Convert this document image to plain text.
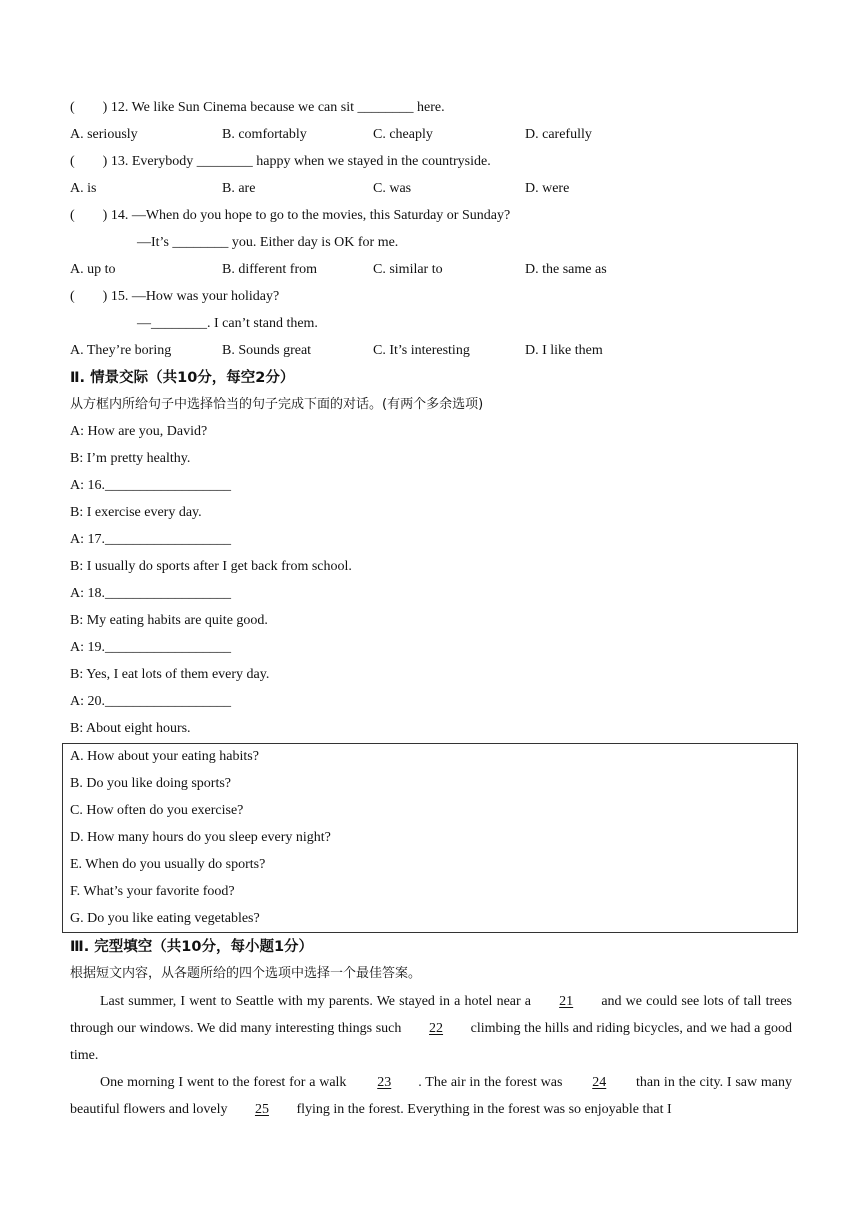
(        ) 12. We like Sun Cinema because we can sit ________ here.
A. seriously	B. comfortably	C. cheaply	D. carefully
(        ) 13. Everybody ________ happy when we stayed in the countryside.
A. is	B. are	C. was	D. were
(        ) 14. —When do you hope to go to the movies, this Saturday or Sunday?
—It’s ________ you. Either day is OK for me.
A. up to	B. different from	C. similar to	D. the same as
(        ) 15. —How was your holiday?
—________. I can’t stand them.
A. They’re boring	B. Sounds great	C. It’s interesting	D. I like them
Ⅱ. 情景交际（共10分，每空2分）
从方框内所给句子中选择恰当的句子完成下面的对话。(有两个多余选项)
A: How are you, David?
B: I’m pretty healthy.
A: 16.__________________
B: I exercise every day.
A: 17.__________________
B: I usually do sports after I get back from school.
A: 18.__________________
B: My eating habits are quite good.
A: 19.__________________
B: Yes, I eat lots of them every day.
A: 20.__________________
B: About eight hours.
A. How about your eating habits?
B. Do you like doing sports?
C. How often do you exercise?
D. How many hours do you sleep every night?
E. When do you usually do sports?
F. What’s your favorite food?
G. Do you like eating vegetables?
Ⅲ. 完型填空（共10分，每小题1分）
根据短文内容，从各题所给的四个选项中选择一个最佳答案。
Last summer, I went to Seattle with my parents. We stayed in a hotel near a 21 and we could see lots of tall trees through our windows. We did many interesting things such 22 climbing the hills and riding bicycles, and we had a good time.
One morning I went to the forest for a walk 23 . The air in the forest was 24 than in the city. I saw many beautiful flowers and lovely 25 flying in the forest. Everything in the forest was so enjoyable that I
